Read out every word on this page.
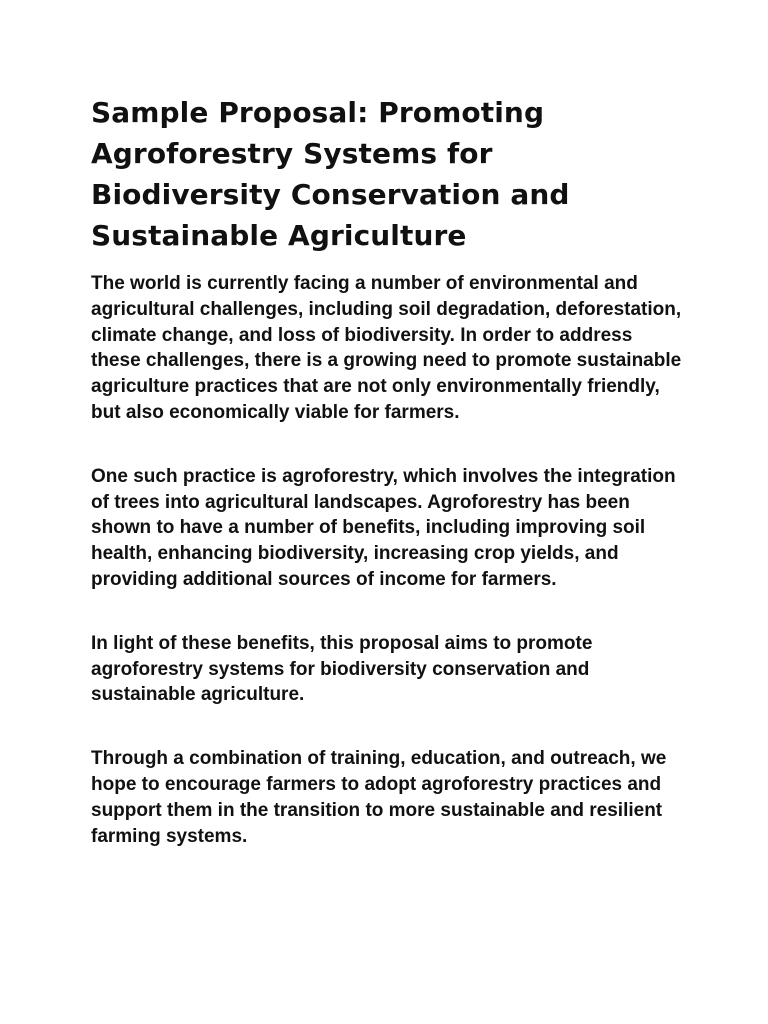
Sample Proposal: Promoting Agroforestry Systems for Biodiversity Conservation and Sustainable Agriculture

The world is currently facing a number of environmental and agricultural challenges, including soil degradation, deforestation, climate change, and loss of biodiversity. In order to address these challenges, there is a growing need to promote sustainable agriculture practices that are not only environmentally friendly, but also economically viable for farmers.

One such practice is agroforestry, which involves the integration of trees into agricultural landscapes. Agroforestry has been shown to have a number of benefits, including improving soil health, enhancing biodiversity, increasing crop yields, and providing additional sources of income for farmers.

In light of these benefits, this proposal aims to promote agroforestry systems for biodiversity conservation and sustainable agriculture.

Through a combination of training, education, and outreach, we hope to encourage farmers to adopt agroforestry practices and support them in the transition to more sustainable and resilient farming systems.
